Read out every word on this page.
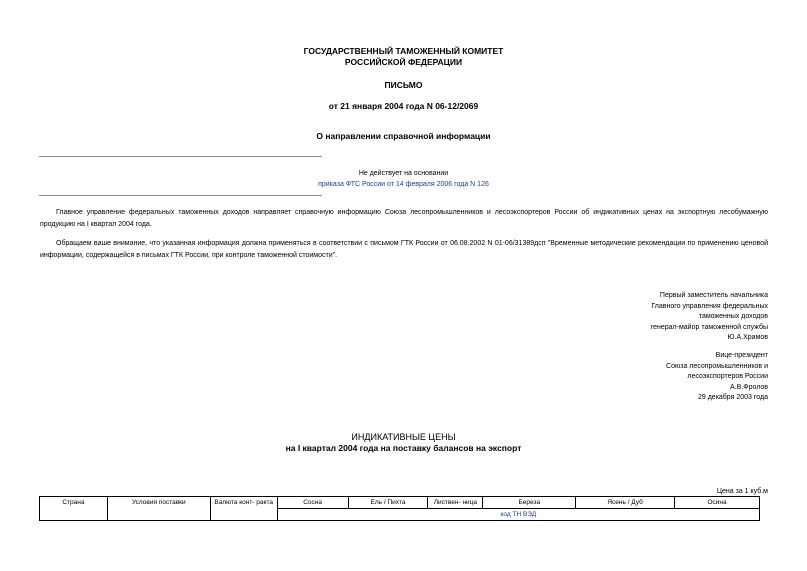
ГОСУДАРСТВЕННЫЙ ТАМОЖЕННЫЙ КОМИТЕТ
РОССИЙСКОЙ ФЕДЕРАЦИИ
ПИСЬМО
от 21 января 2004 года N 06-12/2069
О направлении справочной информации
Не действует на основании
приказа ФТС России от 14 февраля 2006 года N 126
Главное управление федеральных таможенных доходов направляет справочную информацию Союза лесопромышленников и лесоэкспортеров России об индикативных ценах на экспортную лесобумажную продукцию на I квартал 2004 года.
Обращаем ваше внимание, что указанная информация должна применяться в соответствии с письмом ГТК России от 06.08.2002 N 01-06/31389дсп "Временные методические рекомендации по применению ценовой информации, содержащейся в письмах ГТК России, при контроле таможенной стоимости".
Первый заместитель начальника
Главного управления федеральных
таможенных доходов
генерал-майор таможенной службы
Ю.А.Храмов
Вице-президент
Союза лесопромышленников и
лесоэкспортеров России
А.В.Фролов
29 декабря 2003 года
ИНДИКАТИВНЫЕ ЦЕНЫ
на I квартал 2004 года на поставку балансов на экспорт
Цена за 1 куб.м
Страна	Условия поставки	Валюта конт- ракта	Сосна	Ель / Пихта	Листвен- ница	Береза	Ясень / Дуб	Осина
код ТН ВЭД
